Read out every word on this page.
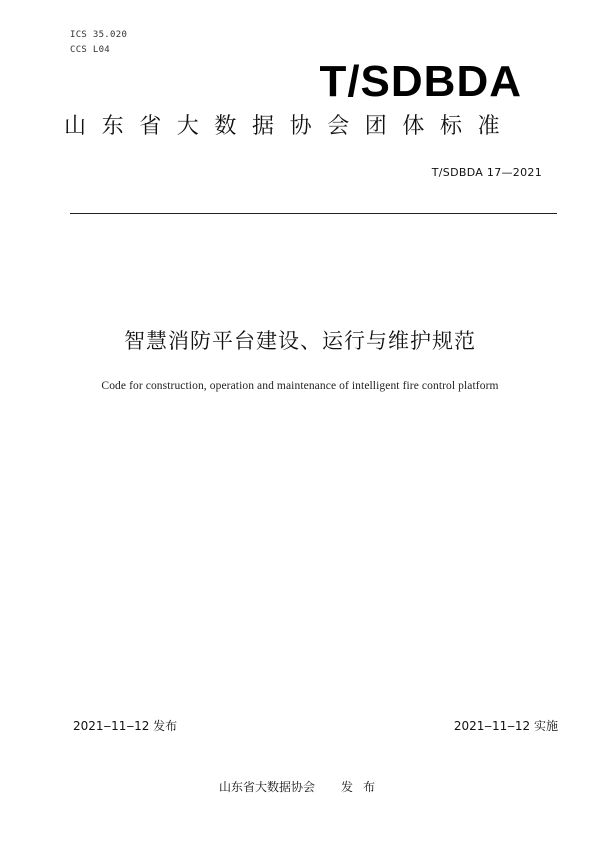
ICS 35.020
CCS L04
T/SDBDA
山东省大数据协会团体标准
T/SDBDA 17—2021
智慧消防平台建设、运行与维护规范
Code for construction, operation and maintenance of intelligent fire control platform
2021‒11‒12 发布	2021‒11‒12 实施
山东省大数据协会 发布
